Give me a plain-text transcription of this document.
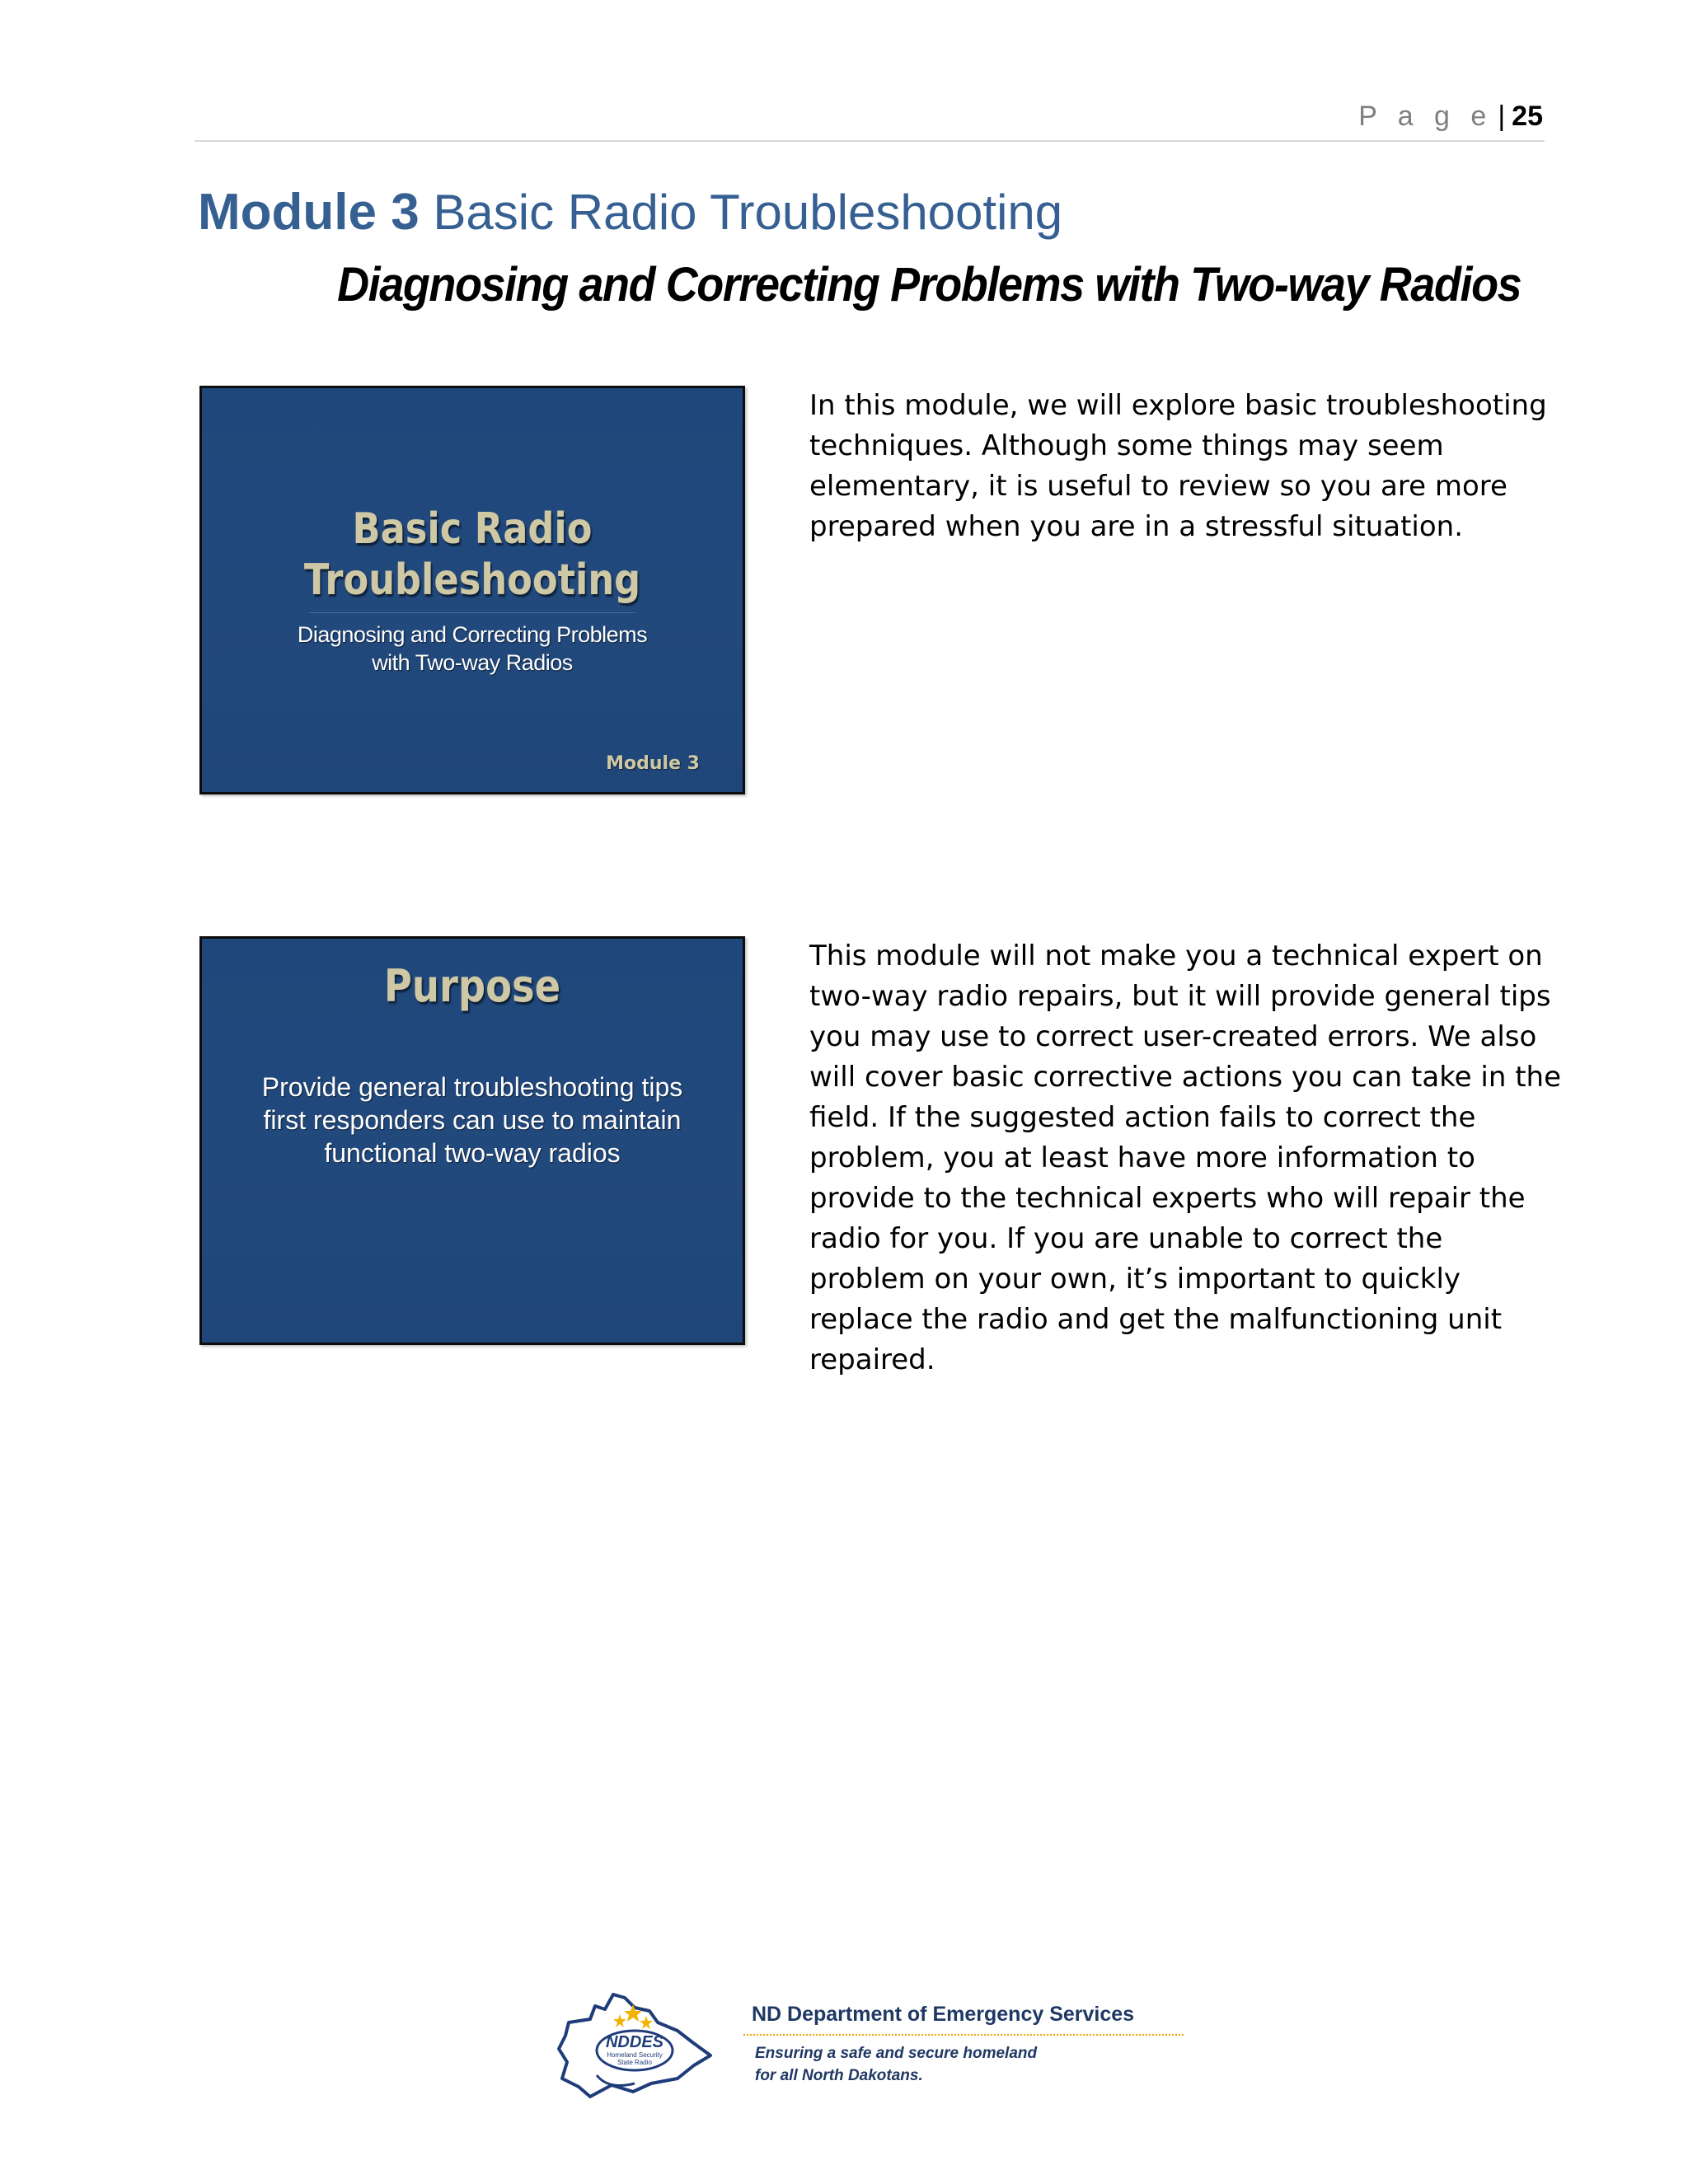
P a g e | 25
Module 3 Basic Radio Troubleshooting
Diagnosing and Correcting Problems with Two-way Radios
Basic Radio
Troubleshooting
Diagnosing and Correcting Problems
with Two-way Radios
Module 3
In this module, we will explore basic troubleshooting
techniques. Although some things may seem
elementary, it is useful to review so you are more
prepared when you are in a stressful situation.
Purpose
Provide general troubleshooting tips
first responders can use to maintain
functional two-way radios
This module will not make you a technical expert on
two-way radio repairs, but it will provide general tips
you may use to correct user-created errors. We also
will cover basic corrective actions you can take in the
field. If the suggested action fails to correct the
problem, you at least have more information to
provide to the technical experts who will repair the
radio for you. If you are unable to correct the
problem on your own, it’s important to quickly
replace the radio and get the malfunctioning unit
repaired.
NDDES
Homeland Security
State Radio
ND Department of Emergency Services
Ensuring a safe and secure homeland
for all North Dakotans.
